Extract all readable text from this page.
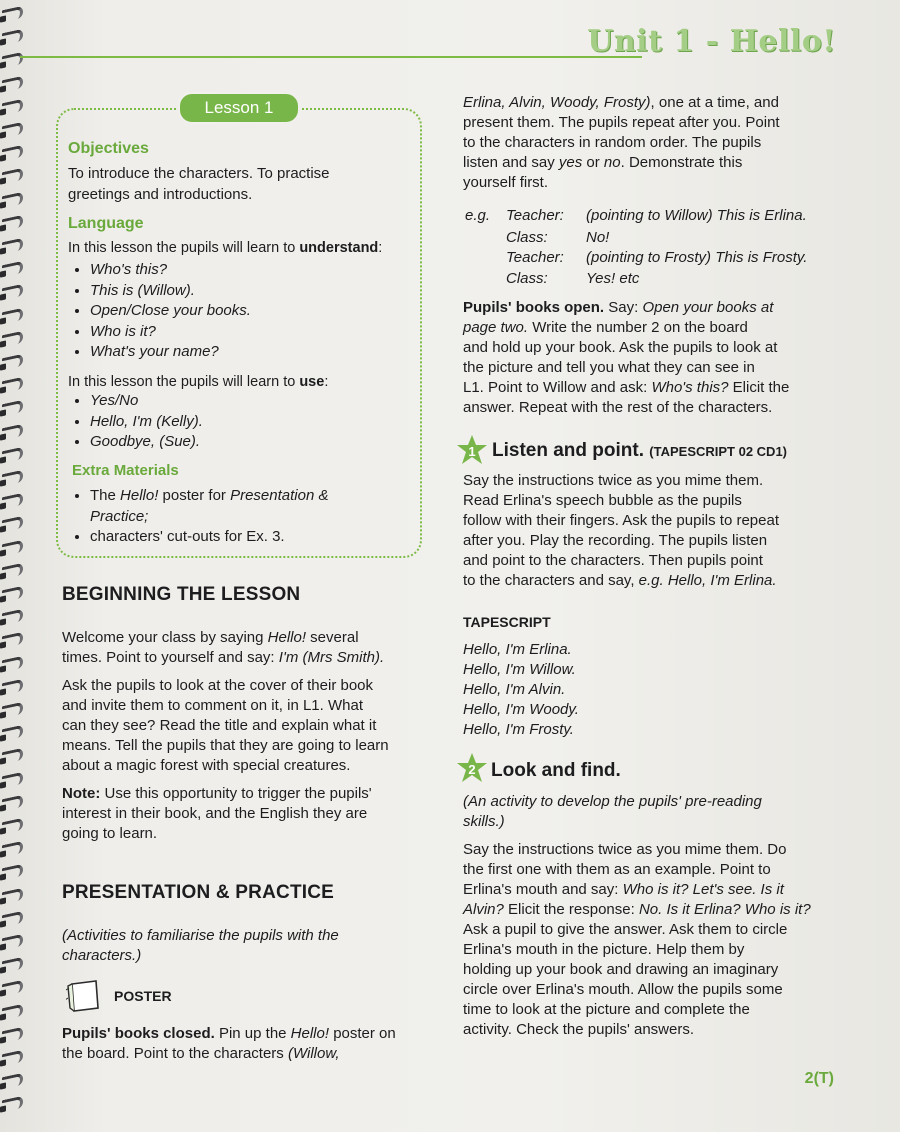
Unit 1 - Hello!
Lesson 1
Objectives
To introduce the characters. To practise
greetings and introductions.
Language
In this lesson the pupils will learn to understand:
• Who's this?
• This is (Willow).
• Open/Close your books.
• Who is it?
• What's your name?
In this lesson the pupils will learn to use:
• Yes/No
• Hello, I'm (Kelly).
• Goodbye, (Sue).
Extra Materials
• The Hello! poster for Presentation &
Practice;
• characters' cut-outs for Ex. 3.
BEGINNING THE LESSON
Welcome your class by saying Hello! several
times. Point to yourself and say: I'm (Mrs Smith).
Ask the pupils to look at the cover of their book
and invite them to comment on it, in L1. What
can they see? Read the title and explain what it
means. Tell the pupils that they are going to learn
about a magic forest with special creatures.
Note: Use this opportunity to trigger the pupils'
interest in their book, and the English they are
going to learn.
PRESENTATION & PRACTICE
(Activities to familiarise the pupils with the
characters.)
POSTER
Pupils' books closed. Pin up the Hello! poster on
the board. Point to the characters (Willow,
Erlina, Alvin, Woody, Frosty), one at a time, and
present them. The pupils repeat after you. Point
to the characters in random order. The pupils
listen and say yes or no. Demonstrate this
yourself first.
e.g. Teacher: (pointing to Willow) This is Erlina.
Class:	No!
Teacher: (pointing to Frosty) This is Frosty.
Class:	Yes! etc
Pupils' books open. Say: Open your books at
page two. Write the number 2 on the board
and hold up your book. Ask the pupils to look at
the picture and tell you what they can see in
L1. Point to Willow and ask: Who's this? Elicit the
answer. Repeat with the rest of the characters.
1 Listen and point. (TAPESCRIPT 02 CD1)
Say the instructions twice as you mime them.
Read Erlina's speech bubble as the pupils
follow with their fingers. Ask the pupils to repeat
after you. Play the recording. The pupils listen
and point to the characters. Then pupils point
to the characters and say, e.g. Hello, I'm Erlina.
TAPESCRIPT
Hello, I'm Erlina.
Hello, I'm Willow.
Hello, I'm Alvin.
Hello, I'm Woody.
Hello, I'm Frosty.
2 Look and find.
(An activity to develop the pupils' pre-reading
skills.)
Say the instructions twice as you mime them. Do
the first one with them as an example. Point to
Erlina's mouth and say: Who is it? Let's see. Is it
Alvin? Elicit the response: No. Is it Erlina? Who is it?
Ask a pupil to give the answer. Ask them to circle
Erlina's mouth in the picture. Help them by
holding up your book and drawing an imaginary
circle over Erlina's mouth. Allow the pupils some
time to look at the picture and complete the
activity. Check the pupils' answers.
2(T)
